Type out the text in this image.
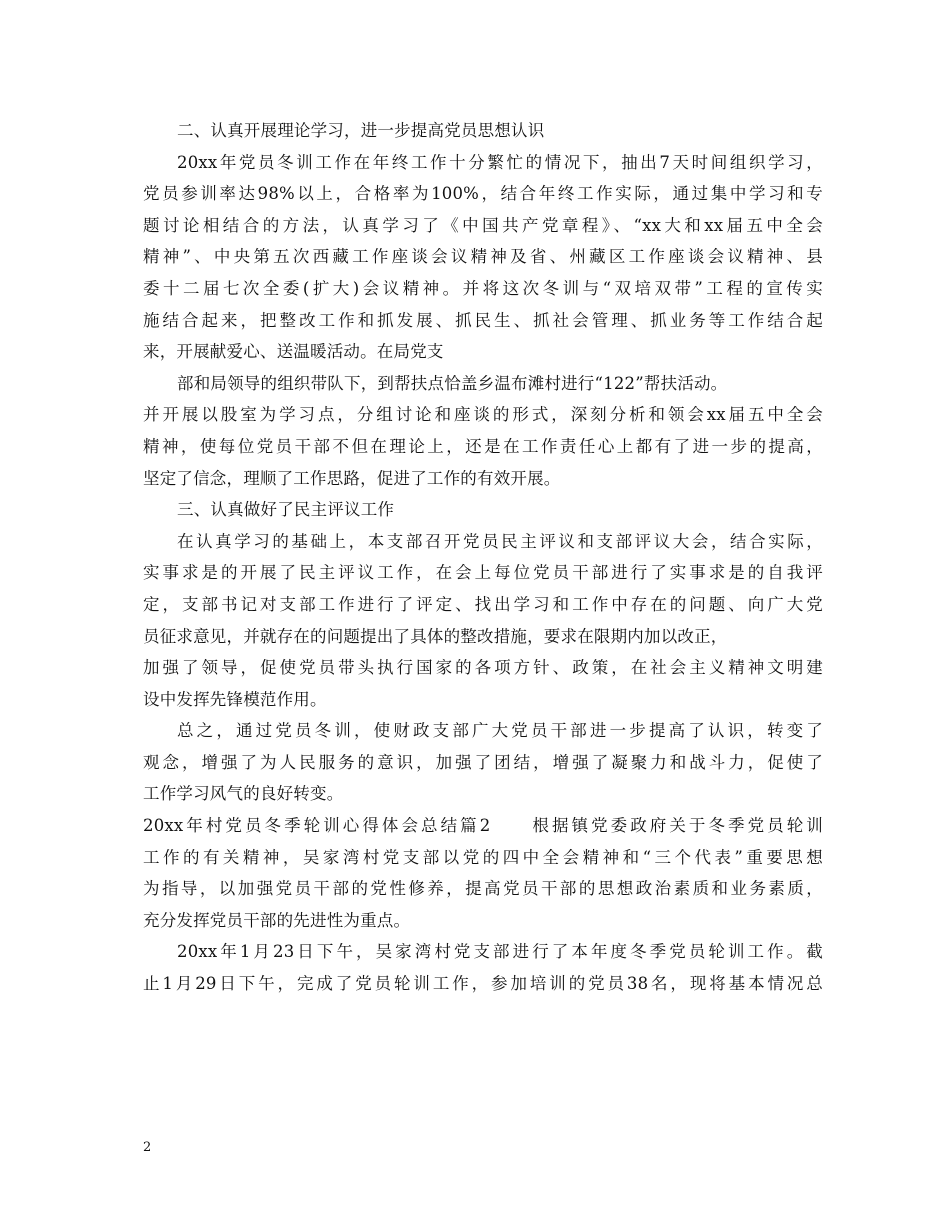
二、认真开展理论学习，进一步提高党员思想认识
20xx年党员冬训工作在年终工作十分繁忙的情况下，抽出7天时间组织学习，
党员参训率达98%以上，合格率为100%，结合年终工作实际，通过集中学习和专
题讨论相结合的方法，认真学习了《中国共产党章程》、“xx大和xx届五中全会
精神”、中央第五次西藏工作座谈会议精神及省、州藏区工作座谈会议精神、县
委十二届七次全委(扩大)会议精神。并将这次冬训与“双培双带”工程的宣传实
施结合起来，把整改工作和抓发展、抓民生、抓社会管理、抓业务等工作结合起
来，开展献爱心、送温暖活动。在局党支
部和局领导的组织带队下，到帮扶点恰盖乡温布滩村进行“122”帮扶活动。
并开展以股室为学习点，分组讨论和座谈的形式，深刻分析和领会xx届五中全会
精神，使每位党员干部不但在理论上，还是在工作责任心上都有了进一步的提高，
坚定了信念，理顺了工作思路，促进了工作的有效开展。
三、认真做好了民主评议工作
在认真学习的基础上，本支部召开党员民主评议和支部评议大会，结合实际，
实事求是的开展了民主评议工作，在会上每位党员干部进行了实事求是的自我评
定，支部书记对支部工作进行了评定、找出学习和工作中存在的问题、向广大党
员征求意见，并就存在的问题提出了具体的整改措施，要求在限期内加以改正，
加强了领导，促使党员带头执行国家的各项方针、政策，在社会主义精神文明建
设中发挥先锋模范作用。
总之，通过党员冬训，使财政支部广大党员干部进一步提高了认识，转变了
观念，增强了为人民服务的意识，加强了团结，增强了凝聚力和战斗力，促使了
工作学习风气的良好转变。
20xx年村党员冬季轮训心得体会总结篇2　　根据镇党委政府关于冬季党员轮训
工作的有关精神，吴家湾村党支部以党的四中全会精神和“三个代表”重要思想
为指导，以加强党员干部的党性修养，提高党员干部的思想政治素质和业务素质，
充分发挥党员干部的先进性为重点。
20xx年1月23日下午，吴家湾村党支部进行了本年度冬季党员轮训工作。截
止1月29日下午，完成了党员轮训工作，参加培训的党员38名，现将基本情况总
2
